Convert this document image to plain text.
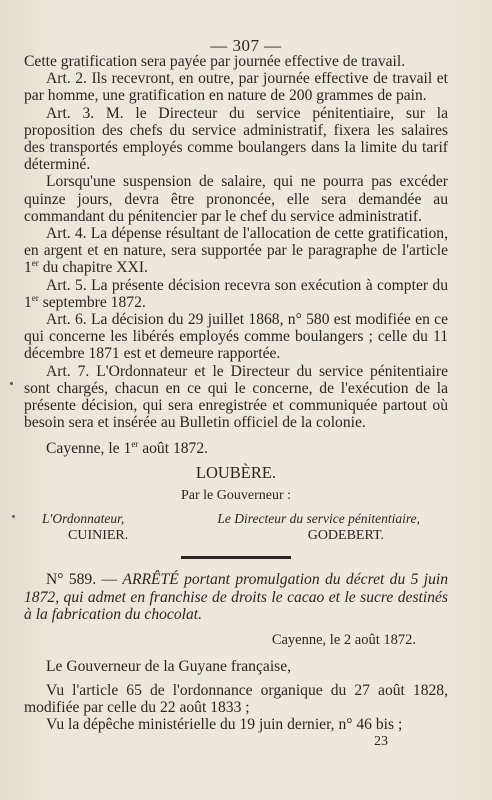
— 307 —

Cette gratification sera payée par journée effective de travail.

Art. 2. Ils recevront, en outre, par journée effective de travail et par homme, une gratification en nature de 200 grammes de pain.

Art. 3. M. le Directeur du service pénitentiaire, sur la proposition des chefs du service administratif, fixera les salaires des transportés employés comme boulangers dans la limite du tarif déterminé.

Lorsqu'une suspension de salaire, qui ne pourra pas excéder quinze jours, devra être prononcée, elle sera demandée au commandant du pénitencier par le chef du service administratif.

Art. 4. La dépense résultant de l'allocation de cette gratification, en argent et en nature, sera supportée par le paragraphe de l'article 1er du chapitre XXI.

Art. 5. La présente décision recevra son exécution à compter du 1er septembre 1872.

Art. 6. La décision du 29 juillet 1868, n° 580 est modifiée en ce qui concerne les libérés employés comme boulangers ; celle du 11 décembre 1871 est et demeure rapportée.

Art. 7. L'Ordonnateur et le Directeur du service pénitentiaire sont chargés, chacun en ce qui le concerne, de l'exécution de la présente décision, qui sera enregistrée et communiquée partout où besoin sera et insérée au Bulletin officiel de la colonie.

Cayenne, le 1er août 1872.

LOUBÈRE.

Par le Gouverneur :

L'Ordonnateur,	Le Directeur du service pénitentiaire,
CUINIER.	GODEBERT.

N° 589. — ARRÊTÉ portant promulgation du décret du 5 juin 1872, qui admet en franchise de droits le cacao et le sucre destinés à la fabrication du chocolat.

Cayenne, le 2 août 1872.

Le Gouverneur de la Guyane française,

Vu l'article 65 de l'ordonnance organique du 27 août 1828, modifiée par celle du 22 août 1833 ;

Vu la dépêche ministérielle du 19 juin dernier, n° 46 bis ;

23
